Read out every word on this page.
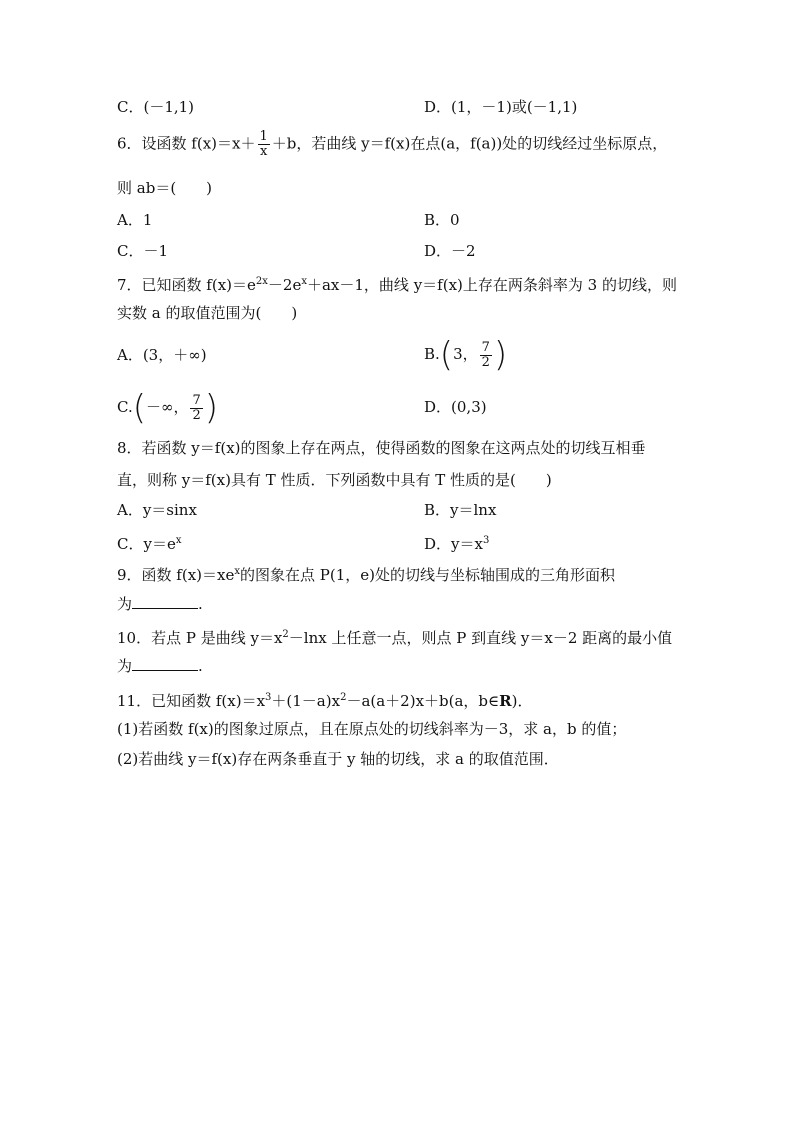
C．(－1,1)	D．(1，－1)或(－1,1)
6．设函数 $f(x)=x+ \frac{1}{x} +b$，若曲线 y＝f(x)在点(a，f(a))处的切线经过坐标原点，
则 ab＝(　　)
A．1	B．0
C．－1	D．－2
7．已知函数 $f(x)=e^{2x}-2e^x+ax-1$，曲线 y＝f(x)上存在两条斜率为 3 的切线，则
实数 a 的取值范围为(　　)
A．(3，＋∞)	B.(3， $\frac{7}{2}$ )
C.(－∞， $\frac{7}{2}$ )	D．(0,3)
8．若函数 y＝f(x)的图象上存在两点，使得函数的图象在这两点处的切线互相垂
直，则称 y＝f(x)具有 T 性质．下列函数中具有 T 性质的是(　　)
A．y＝sinx	B．y＝lnx
C．$y=e^x$	D．$y=x^3$
9．函数 $f(x)=xe^x$的图象在点 P(1，e)处的切线与坐标轴围成的三角形面积
为	.
10．若点 P 是曲线 $y=x^2-\ln x$ 上任意一点，则点 P 到直线 y＝x－2 距离的最小值
为	.
11．已知函数 $f(x)=x^3+(1-a)x^2-a(a+2)x+b(a$，b∈R)．
(1)若函数 f(x)的图象过原点，且在原点处的切线斜率为－3，求 a，b 的值；
(2)若曲线 y＝f(x)存在两条垂直于 y 轴的切线，求 a 的取值范围．
